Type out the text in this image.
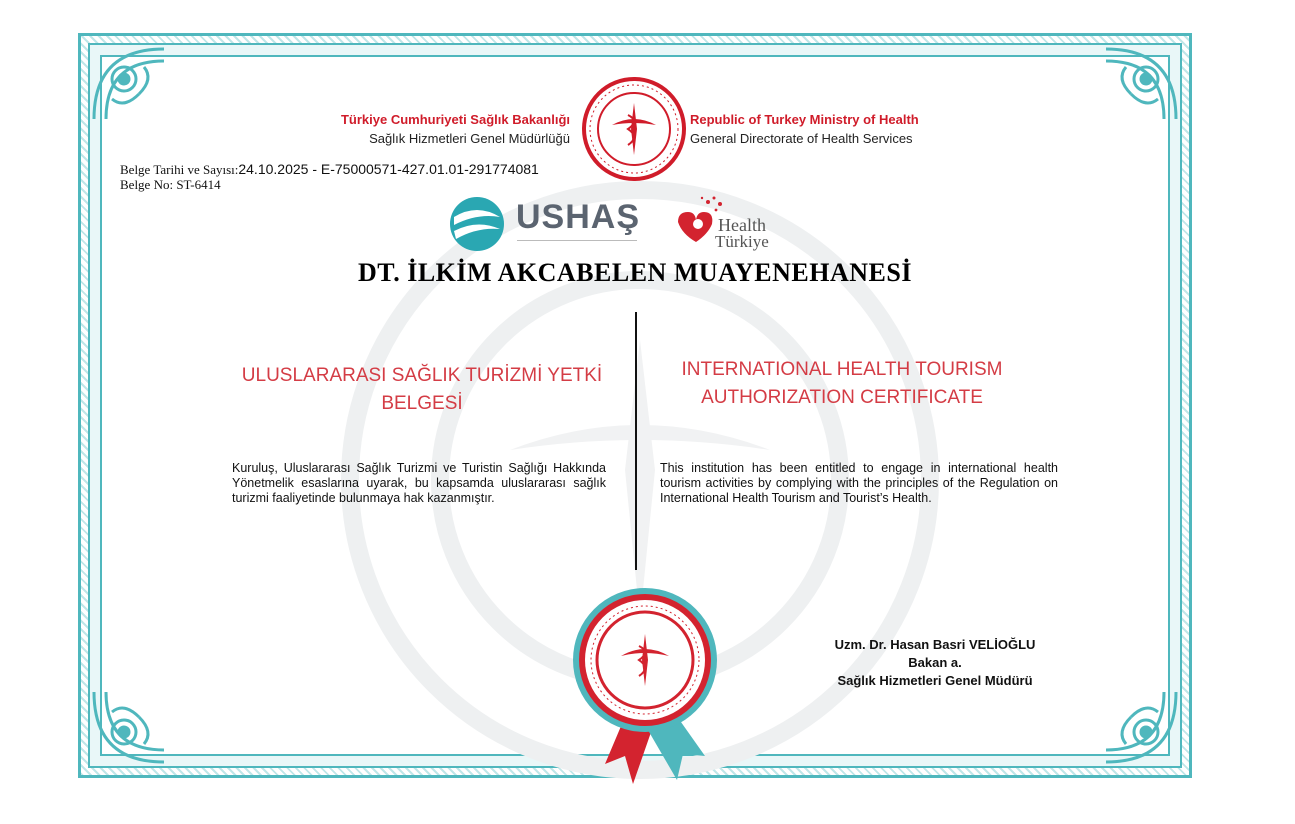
Türkiye Cumhuriyeti Sağlık Bakanlığı
Sağlık Hizmetleri Genel Müdürlüğü
Republic of Turkey Ministry of Health
General Directorate of Health Services
Belge Tarihi ve Sayısı:24.10.2025 - E-75000571-427.01.01-291774081
Belge No: ST-6414
USHAŞ	Health
Türkiye
DT. İLKİM AKCABELEN MUAYENEHANESİ
ULUSLARARASI SAĞLIK TURİZMİ YETKİ BELGESİ
INTERNATIONAL HEALTH TOURISM AUTHORIZATION CERTIFICATE
Kuruluş, Uluslararası Sağlık Turizmi ve Turistin Sağlığı Hakkında Yönetmelik esaslarına uyarak, bu kapsamda uluslararası sağlık turizmi faaliyetinde bulunmaya hak kazanmıştır.
This institution has been entitled to engage in international health tourism activities by complying with the principles of the Regulation on International Health Tourism and Tourist’s Health.
Uzm. Dr. Hasan Basri VELİOĞLU
Bakan a.
Sağlık Hizmetleri Genel Müdürü
